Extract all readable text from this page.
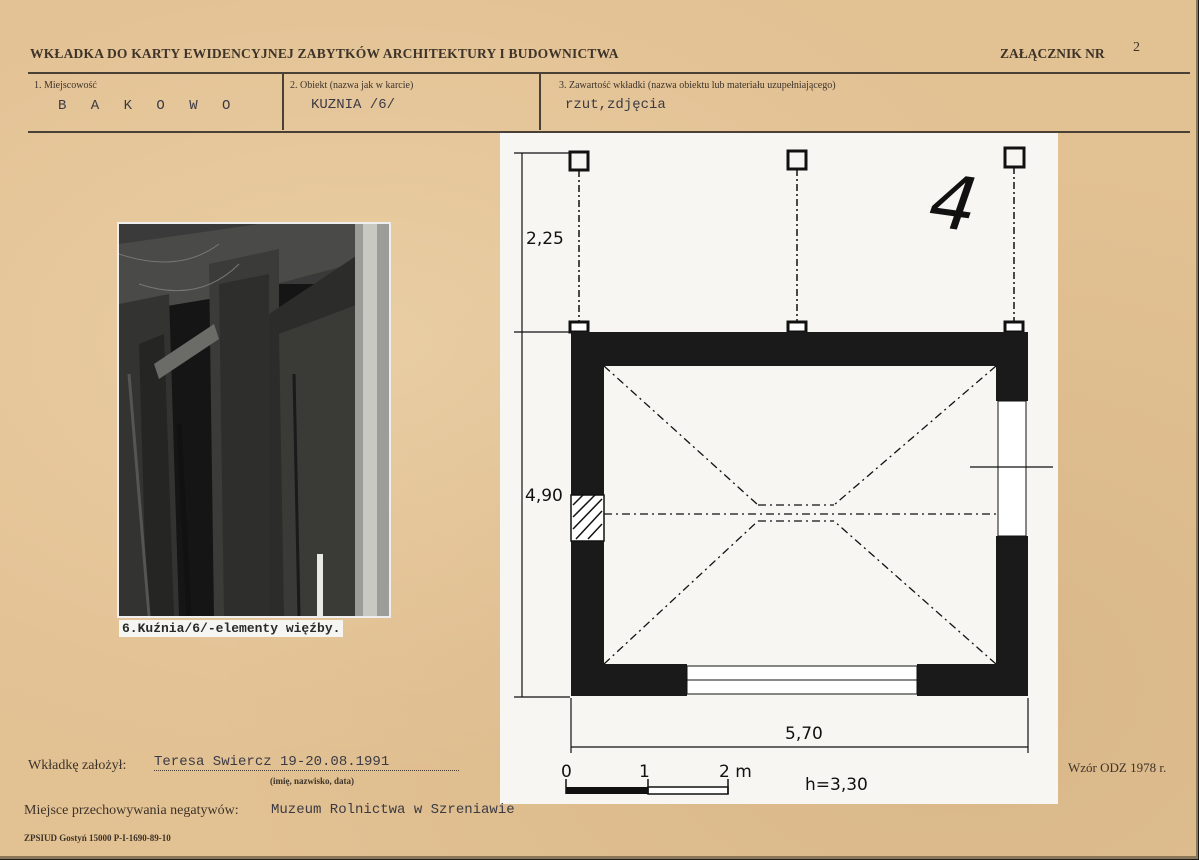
WKŁADKA DO KARTY EWIDENCYJNEJ ZABYTKÓW ARCHITEKTURY I BUDOWNICTWA	ZAŁĄCZNIK NR 2
1. Miejscowość
B A K O W O
2. Obiekt (nazwa jak w karcie)
KUZNIA /6/
3. Zawartość wkładki (nazwa obiektu lub materiału uzupełniającego)
rzut,zdjęcia
6.Kuźnia/6/-elementy więźby.
2,25
4,90
5,70
0	1	2 m
h=3,30
4
Wkładkę założył: Teresa Swiercz 19-20.08.1991
(imię, nazwisko, data)
Miejsce przechowywania negatywów: Muzeum Rolnictwa w Szreniawie
Wzór ODZ 1978 r.
ZPSIUD Gostyń 15000 P-I-1690-89-10
